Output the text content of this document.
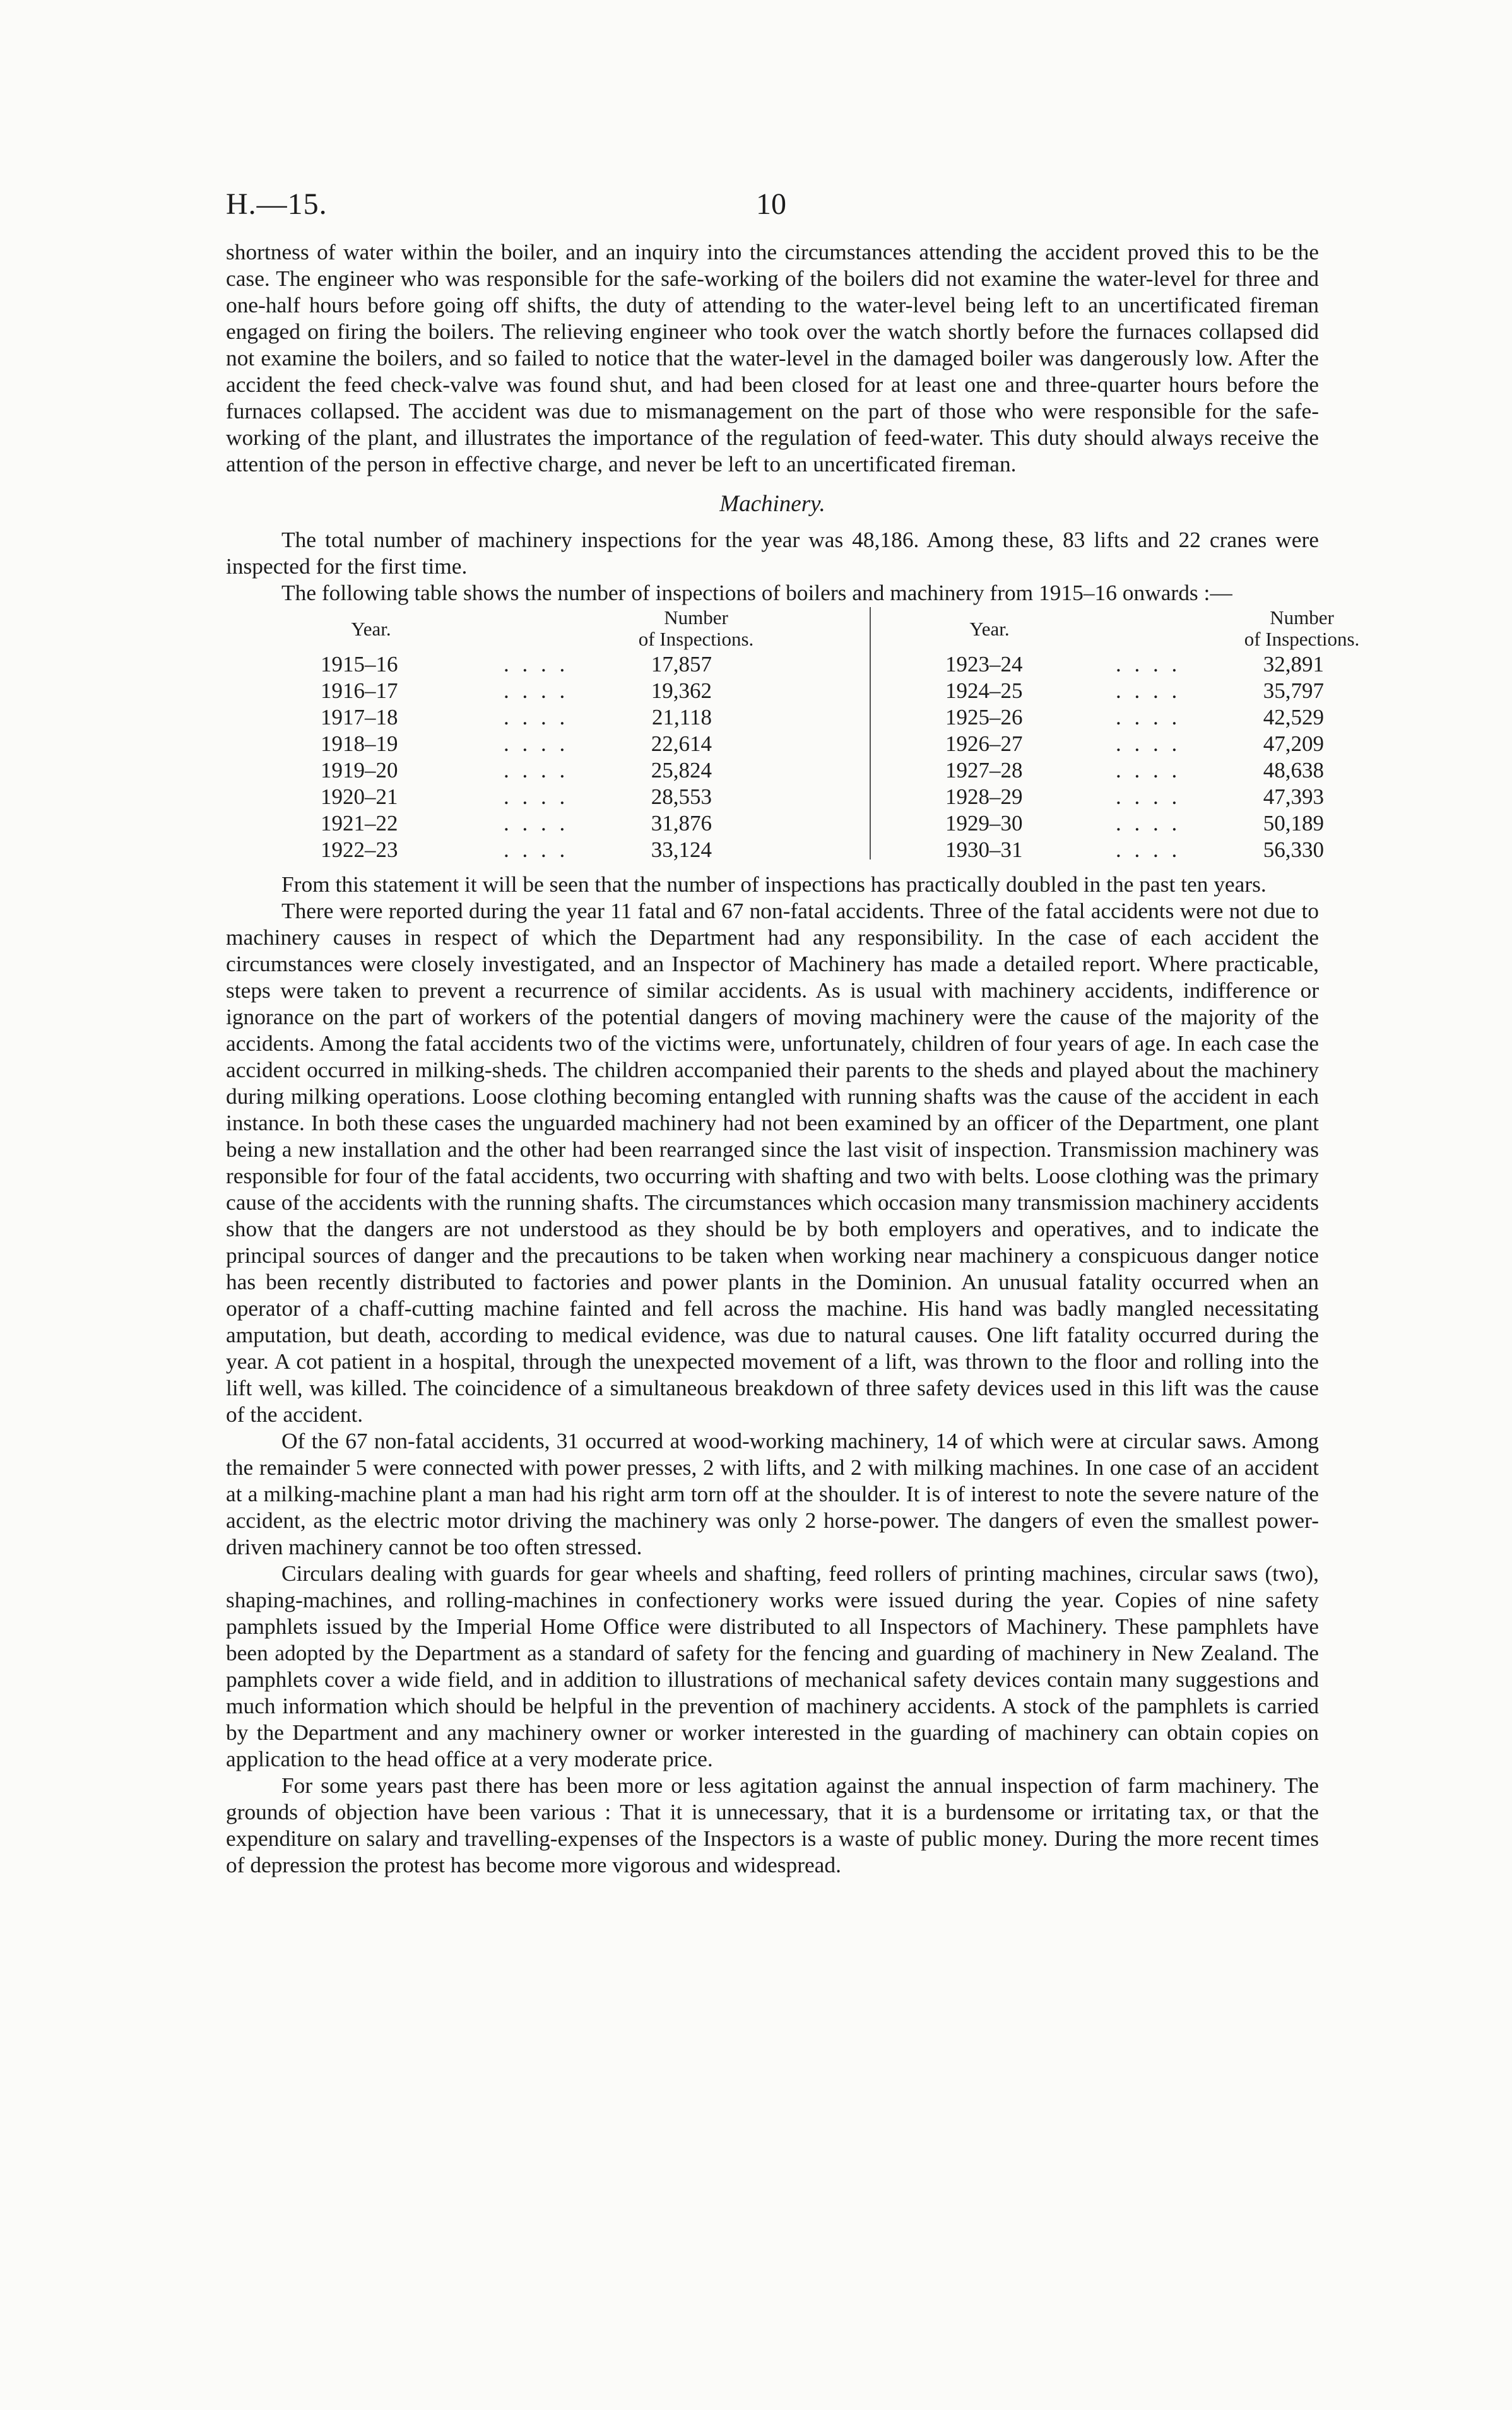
H.—15.	10

shortness of water within the boiler, and an inquiry into the circumstances attending the accident proved this to be the case. The engineer who was responsible for the safe-working of the boilers did not examine the water-level for three and one-half hours before going off shifts, the duty of attending to the water-level being left to an uncertificated fireman engaged on firing the boilers. The relieving engineer who took over the watch shortly before the furnaces collapsed did not examine the boilers, and so failed to notice that the water-level in the damaged boiler was dangerously low. After the accident the feed check-valve was found shut, and had been closed for at least one and three-quarter hours before the furnaces collapsed. The accident was due to mismanagement on the part of those who were responsible for the safe-working of the plant, and illustrates the importance of the regulation of feed-water. This duty should always receive the attention of the person in effective charge, and never be left to an uncertificated fireman.

Machinery.

The total number of machinery inspections for the year was 48,186. Among these, 83 lifts and 22 cranes were inspected for the first time.

The following table shows the number of inspections of boilers and machinery from 1915–16 onwards :—

Year.
Number
of Inspections.	Year.
Number
of Inspections.
1915–16	. . . .	17,857
1916–17	. . . .	19,362
1917–18	. . . .	21,118
1918–19	. . . .	22,614
1919–20	. . . .	25,824
1920–21	. . . .	28,553
1921–22	. . . .	31,876
1922–23	. . . .	33,124
1923–24	. . . .	32,891
1924–25	. . . .	35,797
1925–26	. . . .	42,529
1926–27	. . . .	47,209
1927–28	. . . .	48,638
1928–29	. . . .	47,393
1929–30	. . . .	50,189
1930–31	. . . .	56,330

From this statement it will be seen that the number of inspections has practically doubled in the past ten years.

There were reported during the year 11 fatal and 67 non-fatal accidents. Three of the fatal accidents were not due to machinery causes in respect of which the Department had any responsibility. In the case of each accident the circumstances were closely investigated, and an Inspector of Machinery has made a detailed report. Where practicable, steps were taken to prevent a recurrence of similar accidents. As is usual with machinery accidents, indifference or ignorance on the part of workers of the potential dangers of moving machinery were the cause of the majority of the accidents. Among the fatal accidents two of the victims were, unfortunately, children of four years of age. In each case the accident occurred in milking-sheds. The children accompanied their parents to the sheds and played about the machinery during milking operations. Loose clothing becoming entangled with running shafts was the cause of the accident in each instance. In both these cases the unguarded machinery had not been examined by an officer of the Department, one plant being a new installation and the other had been rearranged since the last visit of inspection. Transmission machinery was responsible for four of the fatal accidents, two occurring with shafting and two with belts. Loose clothing was the primary cause of the accidents with the running shafts. The circumstances which occasion many transmission machinery accidents show that the dangers are not understood as they should be by both employers and operatives, and to indicate the principal sources of danger and the precautions to be taken when working near machinery a conspicuous danger notice has been recently distributed to factories and power plants in the Dominion. An unusual fatality occurred when an operator of a chaff-cutting machine fainted and fell across the machine. His hand was badly mangled necessitating amputation, but death, according to medical evidence, was due to natural causes. One lift fatality occurred during the year. A cot patient in a hospital, through the unexpected movement of a lift, was thrown to the floor and rolling into the lift well, was killed. The coincidence of a simultaneous breakdown of three safety devices used in this lift was the cause of the accident.

Of the 67 non-fatal accidents, 31 occurred at wood-working machinery, 14 of which were at circular saws. Among the remainder 5 were connected with power presses, 2 with lifts, and 2 with milking machines. In one case of an accident at a milking-machine plant a man had his right arm torn off at the shoulder. It is of interest to note the severe nature of the accident, as the electric motor driving the machinery was only 2 horse-power. The dangers of even the smallest power-driven machinery cannot be too often stressed.

Circulars dealing with guards for gear wheels and shafting, feed rollers of printing machines, circular saws (two), shaping-machines, and rolling-machines in confectionery works were issued during the year. Copies of nine safety pamphlets issued by the Imperial Home Office were distributed to all Inspectors of Machinery. These pamphlets have been adopted by the Department as a standard of safety for the fencing and guarding of machinery in New Zealand. The pamphlets cover a wide field, and in addition to illustrations of mechanical safety devices contain many suggestions and much information which should be helpful in the prevention of machinery accidents. A stock of the pamphlets is carried by the Department and any machinery owner or worker interested in the guarding of machinery can obtain copies on application to the head office at a very moderate price.

For some years past there has been more or less agitation against the annual inspection of farm machinery. The grounds of objection have been various : That it is unnecessary, that it is a burdensome or irritating tax, or that the expenditure on salary and travelling-expenses of the Inspectors is a waste of public money. During the more recent times of depression the protest has become more vigorous and widespread.
